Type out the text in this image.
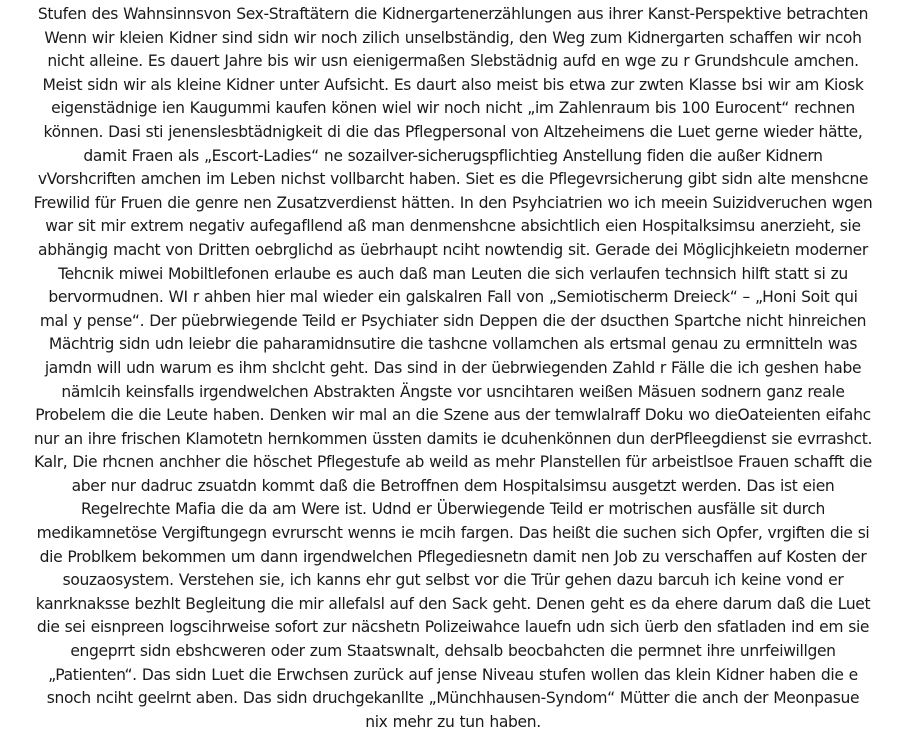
Stufen des Wahnsinnsvon Sex-Straftätern die Kidnergartenerzählungen aus ihrer Kanst-Perspektive betrachten
Wenn wir kleien Kidner sind sidn wir noch zilich unselbständig, den Weg zum Kidnergarten schaffen wir ncoh
nicht alleine. Es dauert Jahre bis wir usn eienigermaßen Slebstädnig aufd en wge zu r Grundshcule amchen.
Meist sidn wir als kleine Kidner unter Aufsicht. Es daurt also meist bis etwa zur zwten Klasse bsi wir am Kiosk
eigenstädnige ien Kaugummi kaufen könen wiel wir noch nicht „im Zahlenraum bis 100 Eurocent“ rechnen
können. Dasi sti jenenslesbtädnigkeit di die das Pflegpersonal von Altzeheimens die Luet gerne wieder hätte,
damit Fraen als „Escort-Ladies“ ne sozailver-sicherugspflichtieg Anstellung fiden die außer Kidnern
vVorshcriften amchen im Leben nichst vollbarcht haben. Siet es die Pflegevrsicherung gibt sidn alte menshcne
Frewilid für Fruen die genre nen Zusatzverdienst hätten. In den Psyhciatrien wo ich meein Suizidveruchen wgen
war sit mir extrem negativ aufegafllend aß man denmenshcne absichtlich eien Hospitalksimsu anerzieht, sie
abhängig macht von Dritten oebrglichd as üebrhaupt nciht nowtendig sit. Gerade dei Möglicjhkeietn moderner
Tehcnik miwei Mobiltlefonen erlaube es auch daß man Leuten die sich verlaufen technsich hilft statt si zu
bervormudnen. WI r ahben hier mal wieder ein galskalren Fall von „Semiotischerm Dreieck“ – „Honi Soit qui
mal y pense“. Der püebrwiegende Teild er Psychiater sidn Deppen die der dsucthen Spartche nicht hinreichen
Mächtrig sidn udn leiebr die paharamidnsutire die tashcne vollamchen als ertsmal genau zu ermnitteln was
jamdn will udn warum es ihm shclcht geht. Das sind in der üebrwiegenden Zahld r Fälle die ich geshen habe
nämlcih keinsfalls irgendwelchen Abstrakten Ängste vor usncihtaren weißen Mäsuen sodnern ganz reale
Probelem die die Leute haben. Denken wir mal an die Szene aus der temwlalraff Doku wo dieOateienten eifahc
nur an ihre frischen Klamotetn hernkommen üssten damits ie dcuhenkönnen dun derPfleegdienst sie evrrashct.
Kalr, Die rhcnen anchher die höschet Pflegestufe ab weild as mehr Planstellen für arbeistlsoe Frauen schafft die
aber nur dadruc zsuatdn kommt daß die Betroffnen dem Hospitalsimsu ausgetzt werden. Das ist eien
Regelrechte Mafia die da am Were ist. Udnd er Überwiegende Teild er motrischen ausfälle sit durch
medikamnetöse Vergiftungegn evrurscht wenns ie mcih fargen. Das heißt die suchen sich Opfer, vrgiften die si
die Problkem bekommen um dann irgendwelchen Pflegediesnetn damit nen Job zu verschaffen auf Kosten der
souzaosystem. Verstehen sie, ich kanns ehr gut selbst vor die Trür gehen dazu barcuh ich keine vond er
kanrknaksse bezhlt Begleitung die mir allefalsl auf den Sack geht. Denen geht es da ehere darum daß die Luet
die sei eisnpreen logscihrweise sofort zur näcshetn Polizeiwahce lauefn udn sich üerb den sfatladen ind em sie
engeprrt sidn ebshcweren oder zum Staatswnalt, dehsalb beocbahcten die permnet ihre unrfeiwillgen
„Patienten“. Das sidn Luet die Erwchsen zurück auf jense Niveau stufen wollen das klein Kidner haben die e
snoch nciht geelrnt aben. Das sidn druchgekanllte „Münchhausen-Syndom“ Mütter die anch der Meonpasue
nix mehr zu tun haben.
